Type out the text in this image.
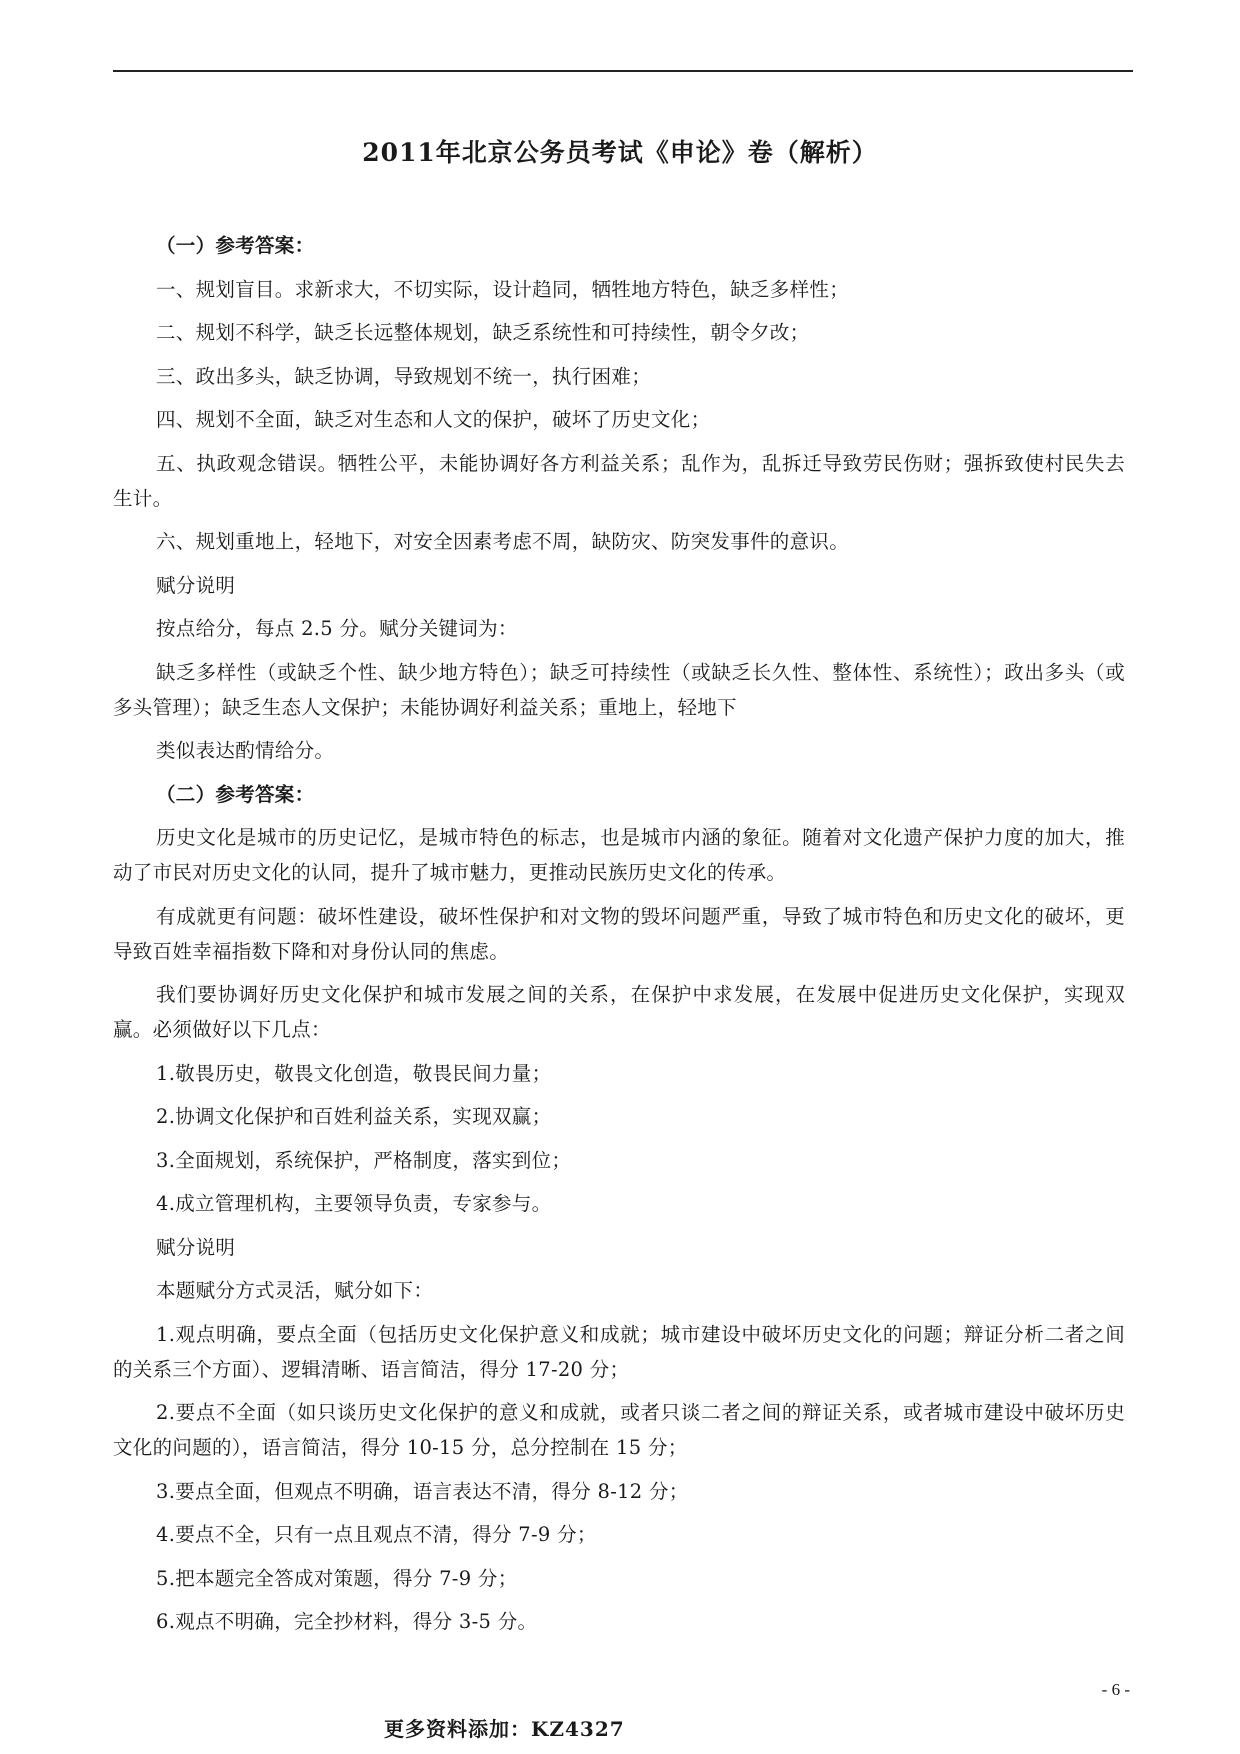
2011年北京公务员考试《申论》卷（解析）

（一）参考答案：

一、规划盲目。求新求大，不切实际，设计趋同，牺牲地方特色，缺乏多样性；

二、规划不科学，缺乏长远整体规划，缺乏系统性和可持续性，朝令夕改；

三、政出多头，缺乏协调，导致规划不统一，执行困难；

四、规划不全面，缺乏对生态和人文的保护，破坏了历史文化；

五、执政观念错误。牺牲公平，未能协调好各方利益关系；乱作为，乱拆迁导致劳民伤财；强拆致使村民失去生计。

六、规划重地上，轻地下，对安全因素考虑不周，缺防灾、防突发事件的意识。

赋分说明

按点给分，每点 2.5 分。赋分关键词为：

缺乏多样性（或缺乏个性、缺少地方特色）；缺乏可持续性（或缺乏长久性、整体性、系统性）；政出多头（或多头管理）；缺乏生态人文保护；未能协调好利益关系；重地上，轻地下

类似表达酌情给分。

（二）参考答案：

历史文化是城市的历史记忆，是城市特色的标志，也是城市内涵的象征。随着对文化遗产保护力度的加大，推动了市民对历史文化的认同，提升了城市魅力，更推动民族历史文化的传承。

有成就更有问题：破坏性建设，破坏性保护和对文物的毁坏问题严重，导致了城市特色和历史文化的破坏，更导致百姓幸福指数下降和对身份认同的焦虑。

我们要协调好历史文化保护和城市发展之间的关系，在保护中求发展，在发展中促进历史文化保护，实现双赢。必须做好以下几点：

1.敬畏历史，敬畏文化创造，敬畏民间力量；

2.协调文化保护和百姓利益关系，实现双赢；

3.全面规划，系统保护，严格制度，落实到位；

4.成立管理机构，主要领导负责，专家参与。

赋分说明

本题赋分方式灵活，赋分如下：

1.观点明确，要点全面（包括历史文化保护意义和成就；城市建设中破坏历史文化的问题；辩证分析二者之间的关系三个方面）、逻辑清晰、语言简洁，得分 17-20 分；

2.要点不全面（如只谈历史文化保护的意义和成就，或者只谈二者之间的辩证关系，或者城市建设中破坏历史文化的问题的），语言简洁，得分 10-15 分，总分控制在 15 分；

3.要点全面，但观点不明确，语言表达不清，得分 8-12 分；

4.要点不全，只有一点且观点不清，得分 7-9 分；

5.把本题完全答成对策题，得分 7-9 分；

6.观点不明确，完全抄材料，得分 3-5 分。

- 6 -
更多资料添加：KZ4327
